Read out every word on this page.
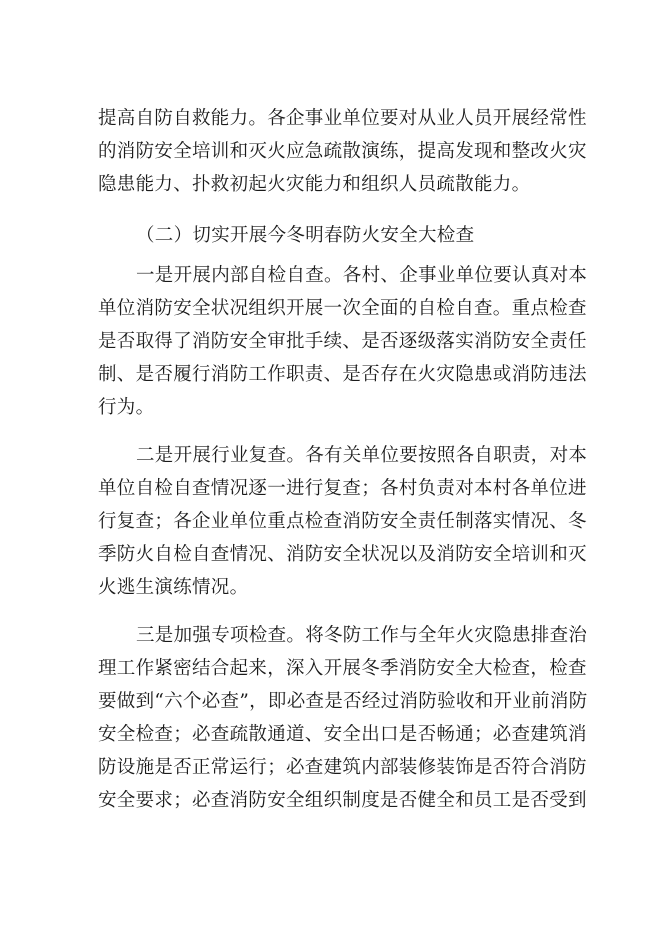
提高自防自救能力。各企事业单位要对从业人员开展经常性
的消防安全培训和灭火应急疏散演练，提高发现和整改火灾
隐患能力、扑救初起火灾能力和组织人员疏散能力。
（二）切实开展今冬明春防火安全大检查
一是开展内部自检自查。各村、企事业单位要认真对本
单位消防安全状况组织开展一次全面的自检自查。重点检查
是否取得了消防安全审批手续、是否逐级落实消防安全责任
制、是否履行消防工作职责、是否存在火灾隐患或消防违法
行为。
二是开展行业复查。各有关单位要按照各自职责，对本
单位自检自查情况逐一进行复查；各村负责对本村各单位进
行复查；各企业单位重点检查消防安全责任制落实情况、冬
季防火自检自查情况、消防安全状况以及消防安全培训和灭
火逃生演练情况。
三是加强专项检查。将冬防工作与全年火灾隐患排查治
理工作紧密结合起来，深入开展冬季消防安全大检查，检查
要做到“六个必查”，即必查是否经过消防验收和开业前消防
安全检查；必查疏散通道、安全出口是否畅通；必查建筑消
防设施是否正常运行；必查建筑内部装修装饰是否符合消防
安全要求；必查消防安全组织制度是否健全和员工是否受到
